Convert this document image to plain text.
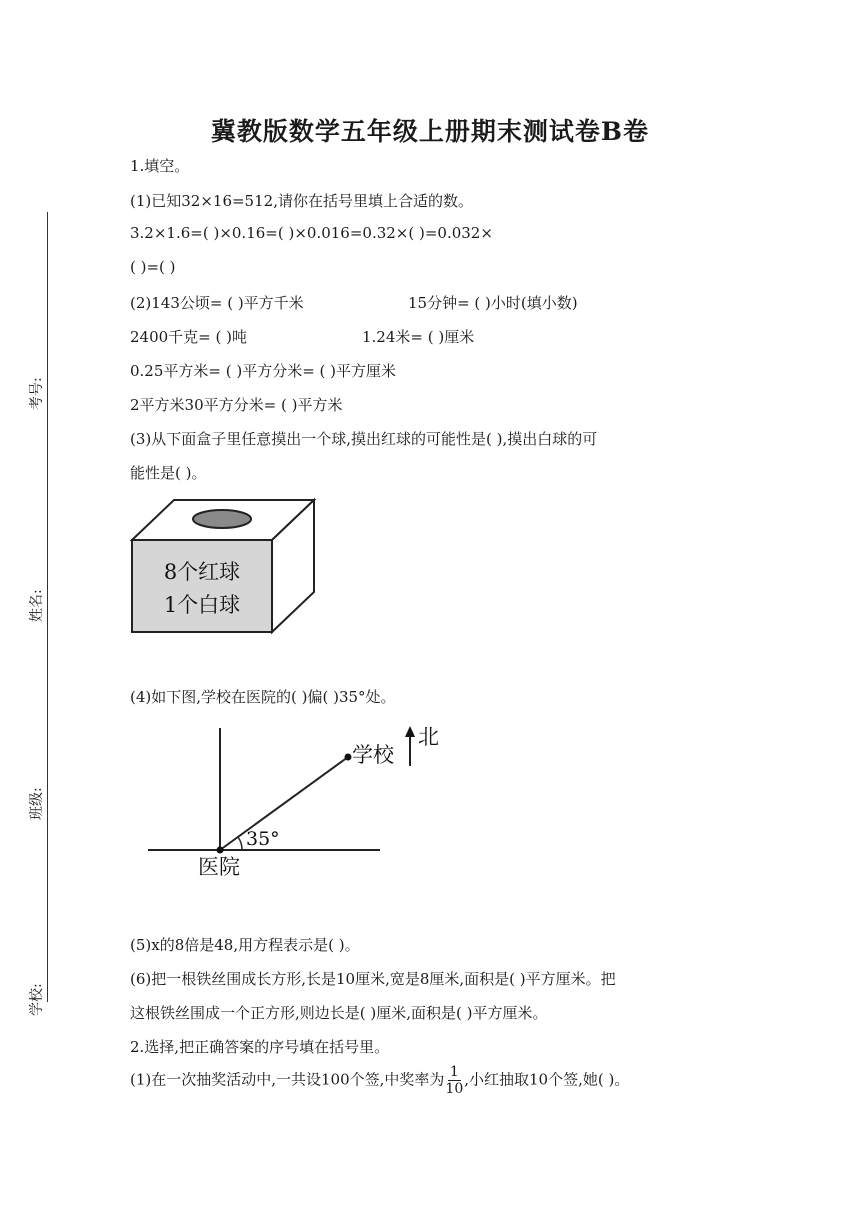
考号:
姓名:
班级:
学校:
冀教版数学五年级上册期末测试卷B卷
1.填空。
(1)已知32×16=512,请你在括号里填上合适的数。
3.2×1.6=( )×0.16=( )×0.016=0.32×( )=0.032×
( )=( )
(2)143公顷= ( )平方千米	15分钟= ( )小时(填小数)
2400千克= ( )吨	1.24米= ( )厘米
0.25平方米= ( )平方分米= ( )平方厘米
2平方米30平方分米= ( )平方米
(3)从下面盒子里任意摸出一个球,摸出红球的可能性是( ),摸出白球的可
能性是( )。
8个红球
1个白球
(4)如下图,学校在医院的( )偏( )35°处。
35°
学校
北
医院
(5)x的8倍是48,用方程表示是( )。
(6)把一根铁丝围成长方形,长是10厘米,宽是8厘米,面积是( )平方厘米。把
这根铁丝围成一个正方形,则边长是( )厘米,面积是( )平方厘米。
2.选择,把正确答案的序号填在括号里。
(1)在一次抽奖活动中,一共设100个签,中奖率为 $\frac{1}{10}$ ,小红抽取10个签,她( )。
